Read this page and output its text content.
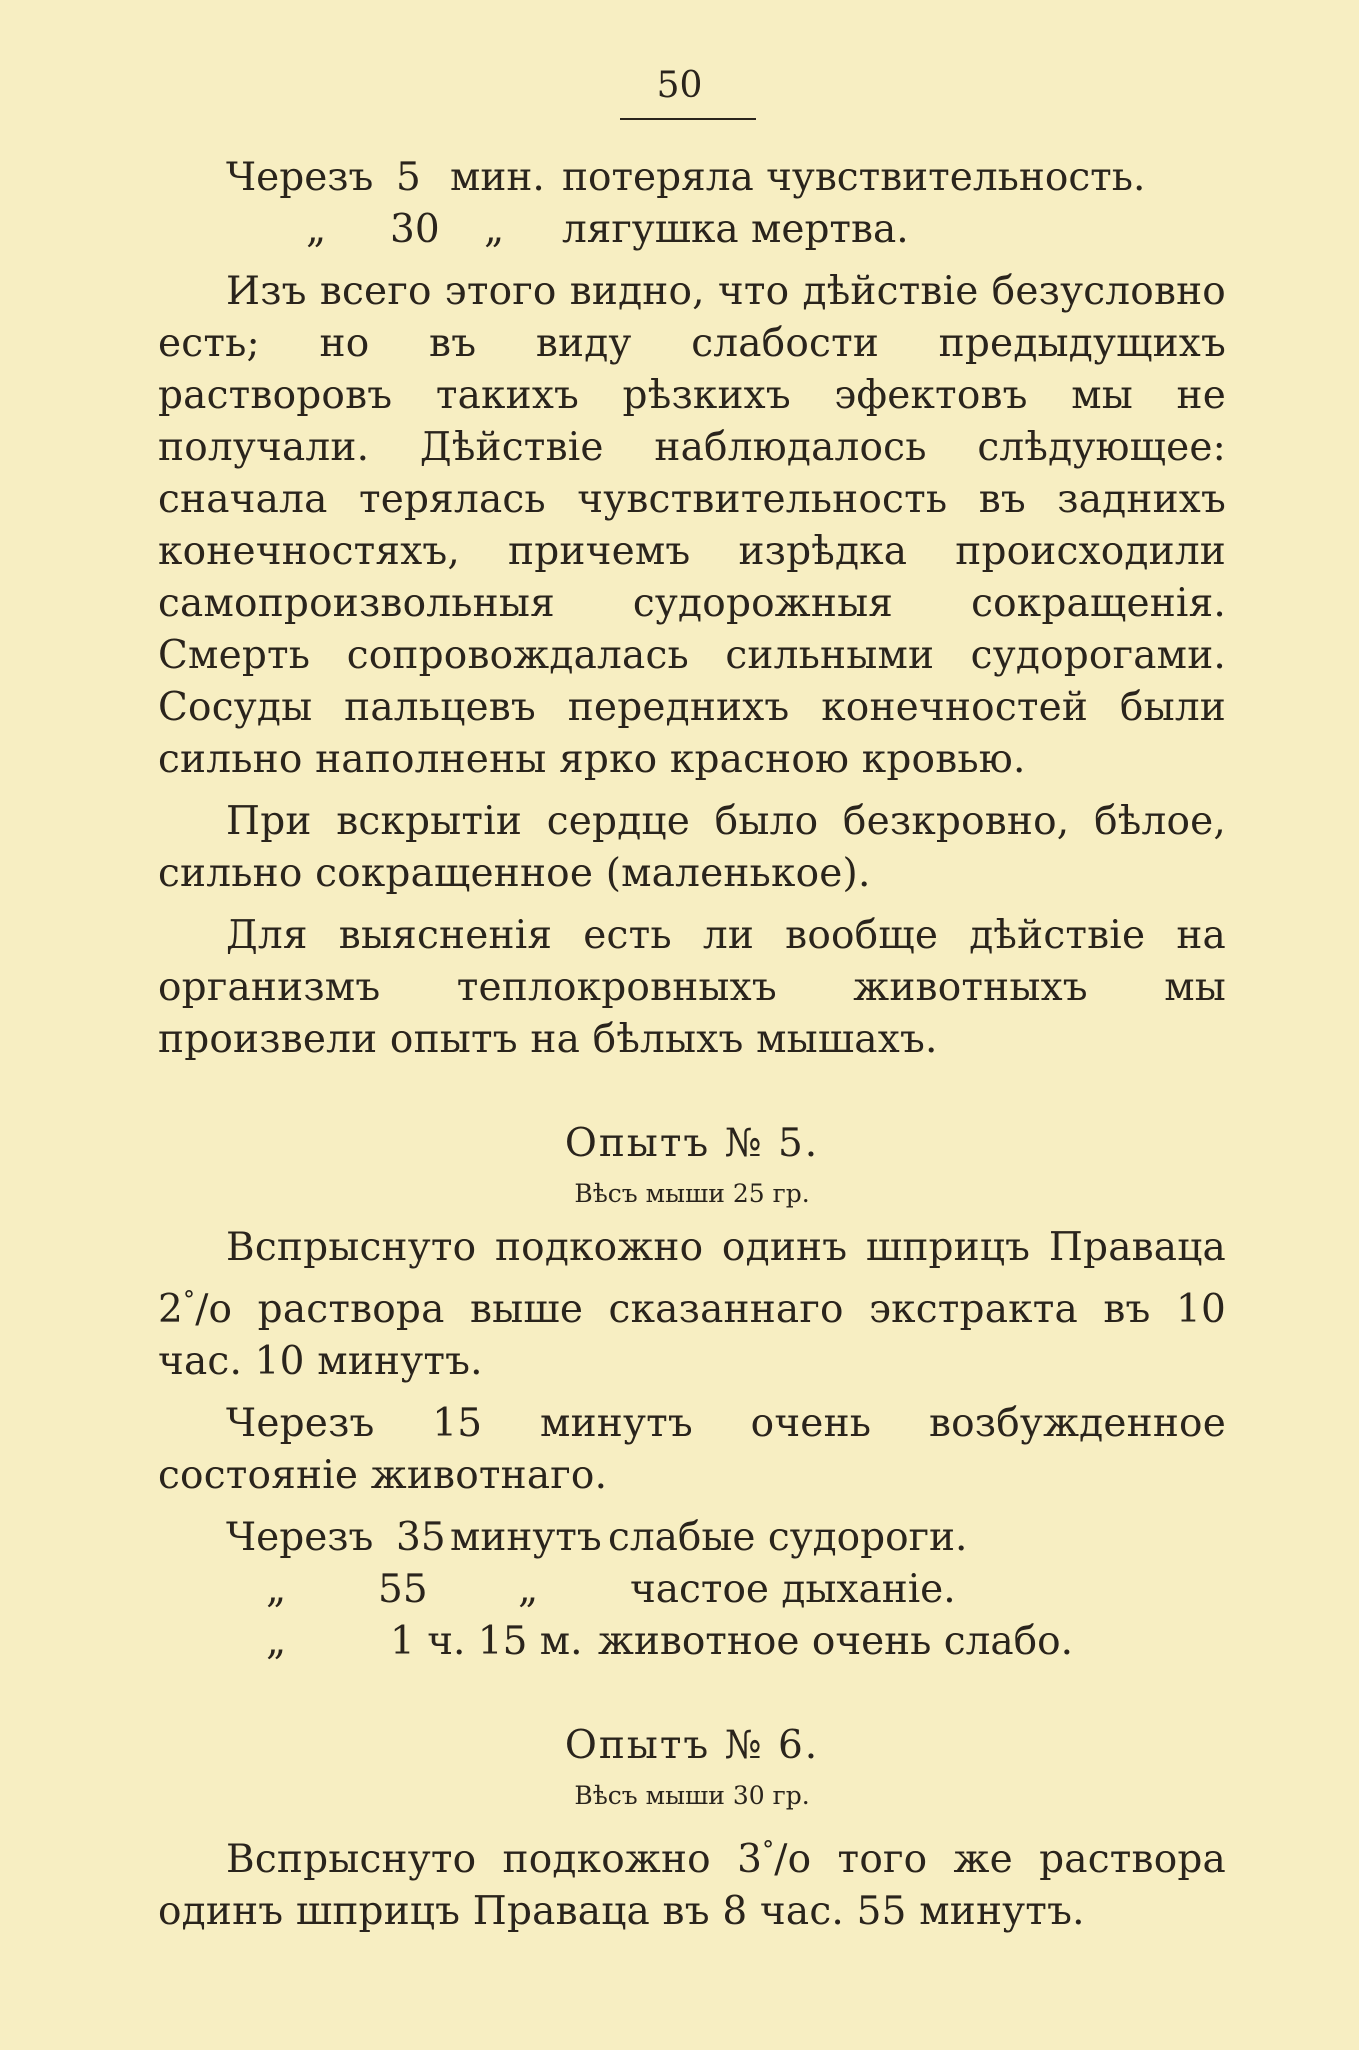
50
Черезъ 5 мин. потеряла чувствительность.
„ 30 „ лягушка мертва.

Изъ всего этого видно, что дѣйствіе безусловно есть; но въ виду слабости предыдущихъ растворовъ такихъ рѣзкихъ эфектовъ мы не получали. Дѣйствіе наблюдалось слѣдующее: сначала терялась чувствительность въ заднихъ конечностяхъ, причемъ изрѣдка происходили самопроизвольныя судорожныя сокращенія. Смерть сопровождалась сильными судорогами. Сосуды пальцевъ переднихъ конечностей были сильно наполнены ярко красною кровью.

При вскрытіи сердце было безкровно, бѣлое, сильно сокращенное (маленькое).

Для выясненія есть ли вообще дѣйствіе на организмъ теплокровныхъ животныхъ мы произвели опытъ на бѣлыхъ мышахъ.

Опытъ № 5.

Вѣсъ мыши 25 гр.

Вспрыснуто подкожно одинъ шприцъ Праваца 2°/о раствора выше сказаннаго экстракта въ 10 час. 10 минутъ.

Черезъ 15 минутъ очень возбужденное состояніе животнаго.

Черезъ 35 минутъ слабые судороги.
„ 55 „ частое дыханіе.
„	1 ч. 15 м. животное очень слабо.

Опытъ № 6.

Вѣсъ мыши 30 гр.

Вспрыснуто подкожно 3°/о того же раствора одинъ шприцъ Праваца въ 8 час. 55 минутъ.
